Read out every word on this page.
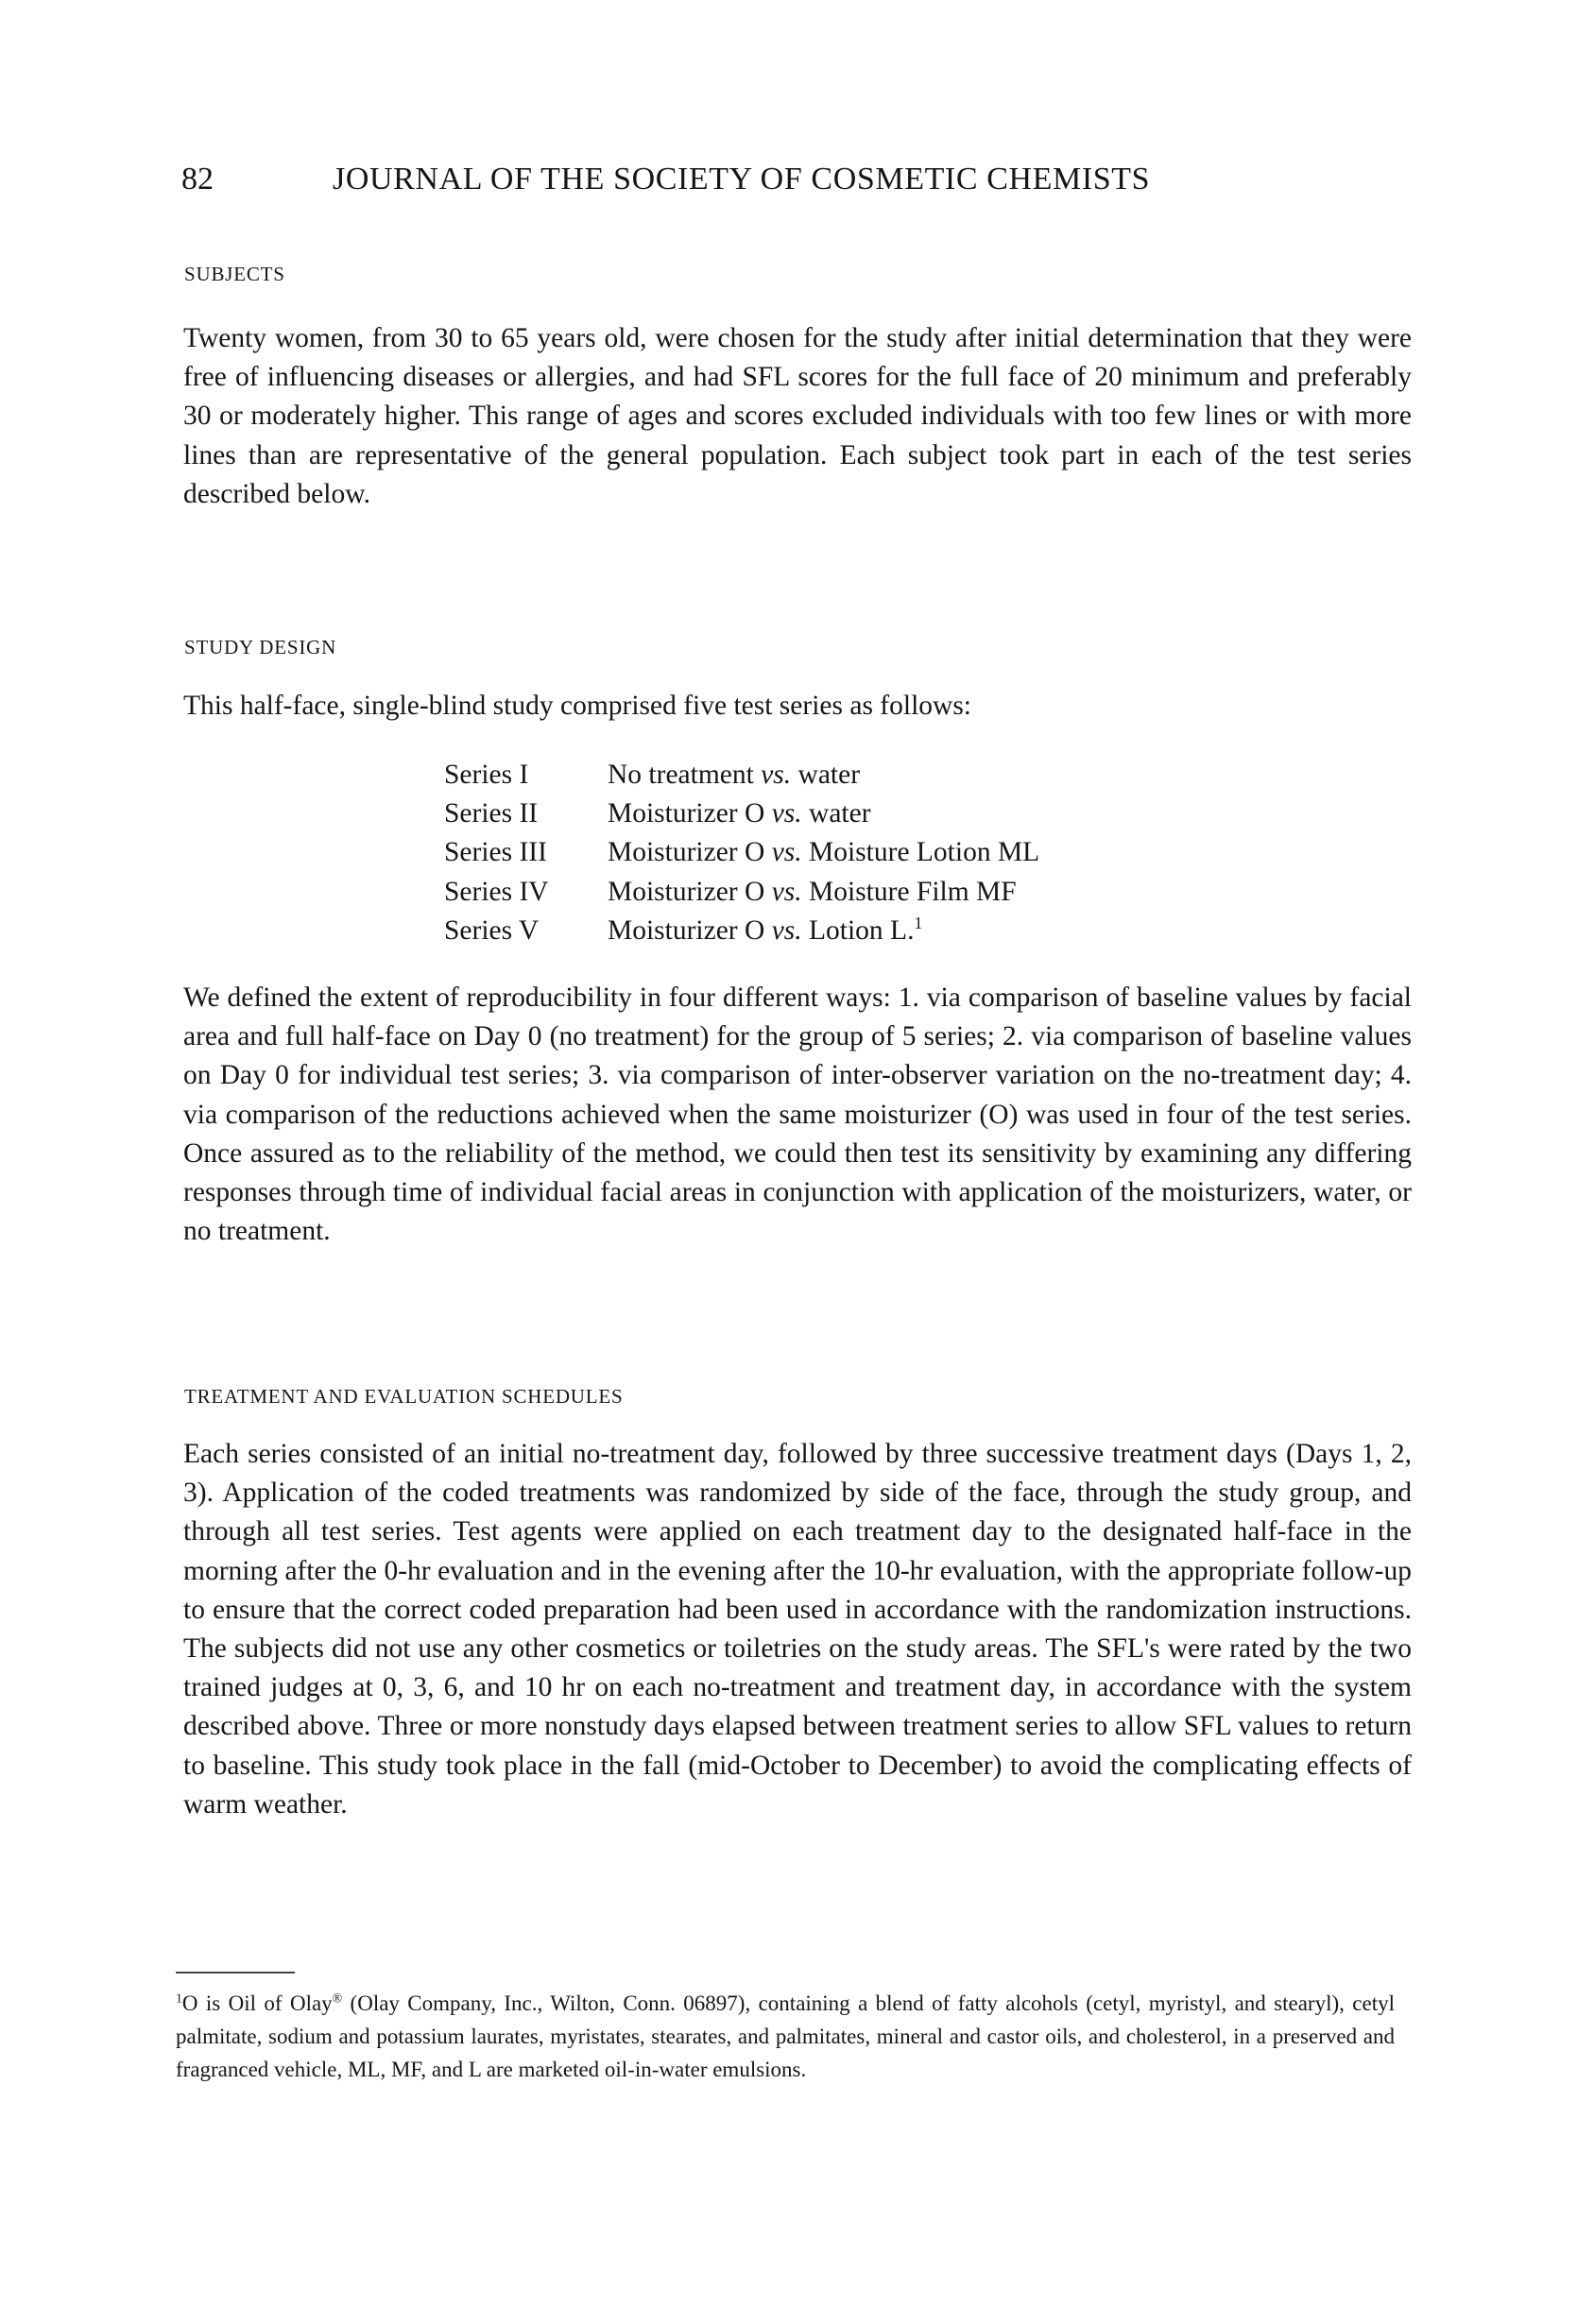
82	JOURNAL OF THE SOCIETY OF COSMETIC CHEMISTS
SUBJECTS

Twenty women, from 30 to 65 years old, were chosen for the study after initial determination that they were free of influencing diseases or allergies, and had SFL scores for the full face of 20 minimum and preferably 30 or moderately higher. This range of ages and scores excluded individuals with too few lines or with more lines than are representative of the general population. Each subject took part in each of the test series described below.

STUDY DESIGN

This half-face, single-blind study comprised five test series as follows:

Series I	No treatment vs. water
Series II	Moisturizer O vs. water
Series III	Moisturizer O vs. Moisture Lotion ML
Series IV	Moisturizer O vs. Moisture Film MF
Series V	Moisturizer O vs. Lotion L.$^1$

We defined the extent of reproducibility in four different ways: 1. via comparison of baseline values by facial area and full half-face on Day 0 (no treatment) for the group of 5 series; 2. via comparison of baseline values on Day 0 for individual test series; 3. via comparison of inter-observer variation on the no-treatment day; 4. via comparison of the reductions achieved when the same moisturizer (O) was used in four of the test series. Once assured as to the reliability of the method, we could then test its sensitivity by examining any differing responses through time of individual facial areas in conjunction with application of the moisturizers, water, or no treatment.

TREATMENT AND EVALUATION SCHEDULES

Each series consisted of an initial no-treatment day, followed by three successive treatment days (Days 1, 2, 3). Application of the coded treatments was randomized by side of the face, through the study group, and through all test series. Test agents were applied on each treatment day to the designated half-face in the morning after the 0-hr evaluation and in the evening after the 10-hr evaluation, with the appropriate follow-up to ensure that the correct coded preparation had been used in accordance with the randomization instructions. The subjects did not use any other cosmetics or toiletries on the study areas. The SFL's were rated by the two trained judges at 0, 3, 6, and 10 hr on each no-treatment and treatment day, in accordance with the system described above. Three or more nonstudy days elapsed between treatment series to allow SFL values to return to baseline. This study took place in the fall (mid-October to December) to avoid the complicating effects of warm weather.

$^1$O is Oil of Olay® (Olay Company, Inc., Wilton, Conn. 06897), containing a blend of fatty alcohols (cetyl, myristyl, and stearyl), cetyl palmitate, sodium and potassium laurates, myristates, stearates, and palmitates, mineral and castor oils, and cholesterol, in a preserved and fragranced vehicle, ML, MF, and L are marketed oil-in-water emulsions.
